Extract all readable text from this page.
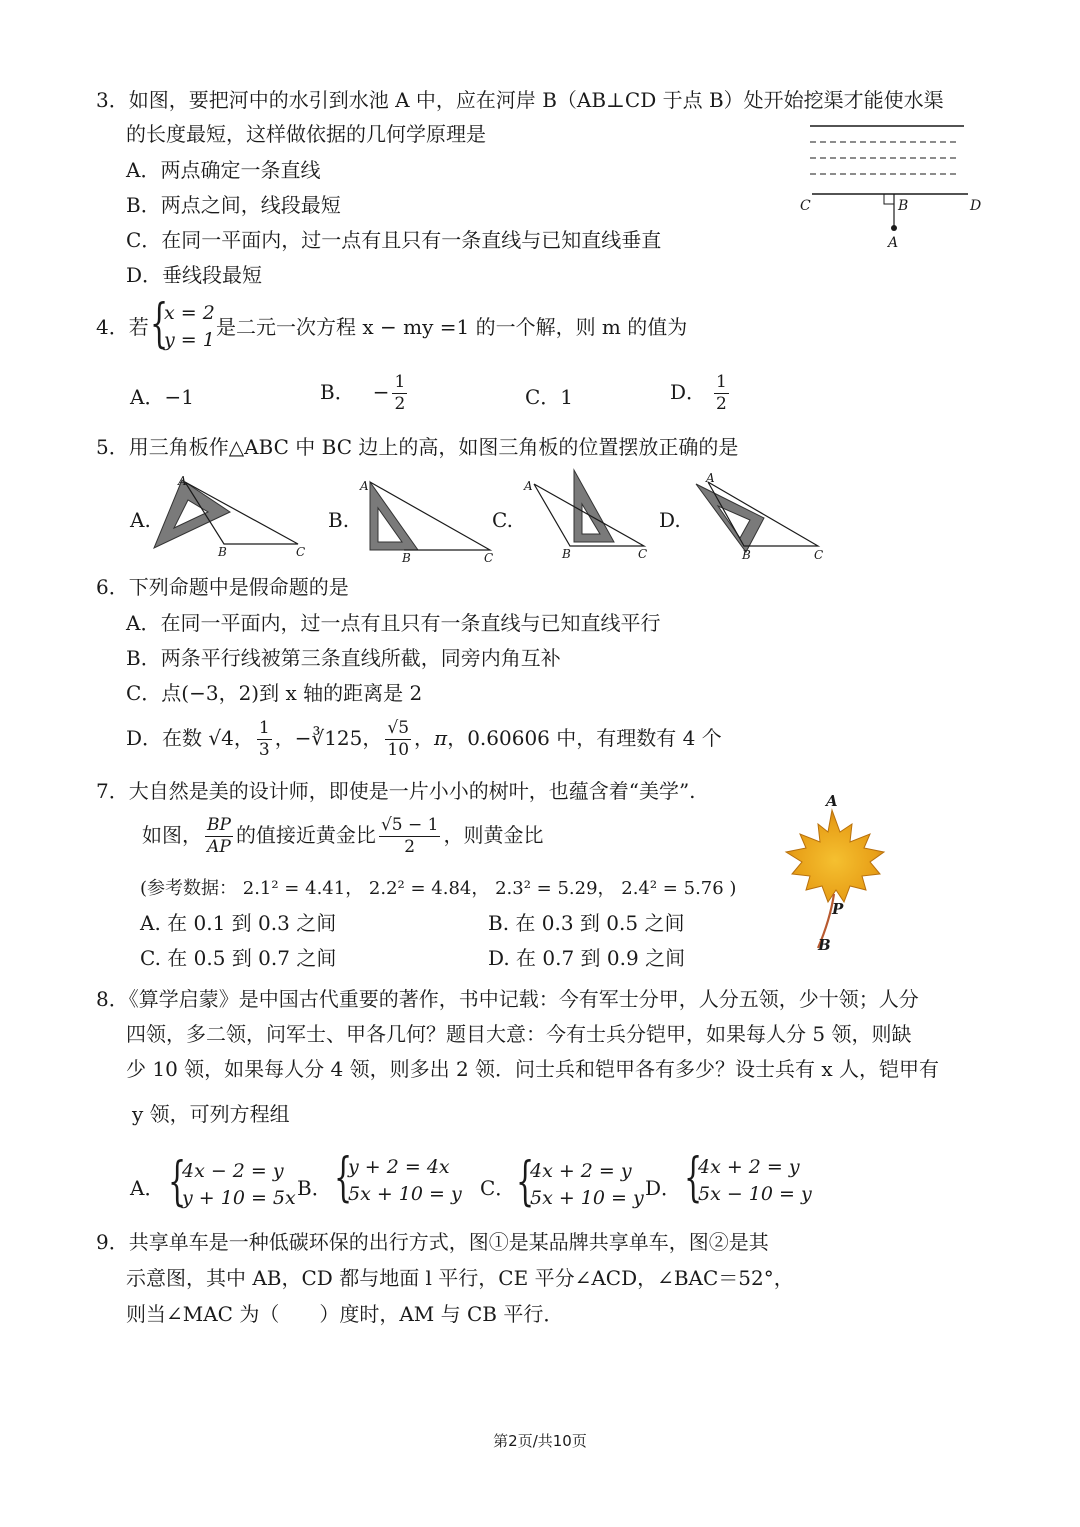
3．如图，要把河中的水引到水池 A 中，应在河岸 B（AB⊥CD 于点 B）处开始挖渠才能使水渠
的长度最短，这样做依据的几何学原理是
A．两点确定一条直线
B．两点之间，线段最短
C．在同一平面内，过一点有且只有一条直线与已知直线垂直
D．垂线段最短
C	B	D
A
4．若 {
x = 2
y = 1
是二元一次方程 x − my =1 的一个解，则 m 的值为
A．−1	B． − $\frac{1}{2}$	C．1	D． $\frac{1}{2}$
5．用三角板作△ABC 中 BC 边上的高，如图三角板的位置摆放正确的是
A.	B.	C.	D.
A
B	C
A
B	C
A
B	C
A
B	C
6．下列命题中是假命题的是
A．在同一平面内，过一点有且只有一条直线与已知直线平行
B．两条平行线被第三条直线所截，同旁内角互补
C．点(−3，2)到 x 轴的距离是 2
D．在数 √4， $\frac{1}{3}$ ，−∛125， $\frac{√5}{10}$ ，π，0.60606 中，有理数有 4 个
7．大自然是美的设计师，即使是一片小小的树叶，也蕴含着“美学”.
如图， $\frac{BP}{AP}$ 的值接近黄金比 $\frac{√5 - 1}{2}$ ，则黄金比
(参考数据： 2.1² = 4.41， 2.2² = 4.84， 2.3² = 5.29， 2.4² = 5.76 )
A. 在 0.1 到 0.3 之间	B. 在 0.3 到 0.5 之间
C. 在 0.5 到 0.7 之间	D. 在 0.7 到 0.9 之间
A
P
B
8．《算学启蒙》是中国古代重要的著作，书中记载：今有军士分甲，人分五领，少十领；人分
四领，多二领，问军士、甲各几何？题目大意：今有士兵分铠甲，如果每人分 5 领，则缺
少 10 领，如果每人分 4 领，则多出 2 领．问士兵和铠甲各有多少？设士兵有 x 人，铠甲有
y 领，可列方程组
A． {
4x − 2 = y
y + 10 = 5x B． {
y + 2 = 4x
5x + 10 = y C． {
4x + 2 = y
5x + 10 = y D． {
4x + 2 = y
5x − 10 = y
9．共享单车是一种低碳环保的出行方式，图①是某品牌共享单车，图②是其
示意图，其中 AB，CD 都与地面 l 平行，CE 平分∠ACD，∠BAC＝52°，
则当∠MAC 为（　　）度时，AM 与 CB 平行．
第2页/共10页
